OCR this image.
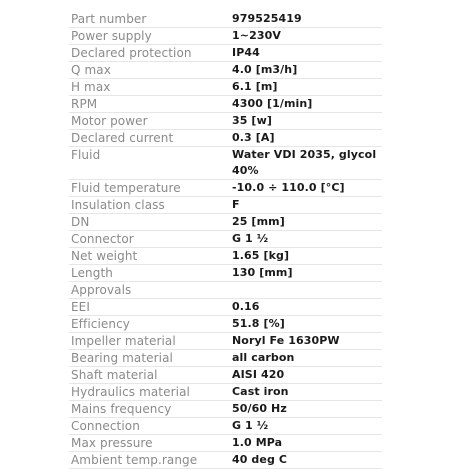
Part number	979525419
Power supply	1~230V
Declared protection	IP44
Q max	4.0 [m3/h]
H max	6.1 [m]
RPM	4300 [1/min]
Motor power	35 [w]
Declared current	0.3 [A]
Fluid	Water VDI 2035, glycol 40%

Fluid temperature	-10.0 ÷ 110.0 [°C]
Insulation class	F
DN	25 [mm]
Connector	G 1 ½
Net weight	1.65 [kg]
Length	130 [mm]
Approvals	
EEI	0.16
Efficiency	51.8 [%]
Impeller material	Noryl Fe 1630PW
Bearing material	all carbon
Shaft material	AISI 420
Hydraulics material	Cast iron
Mains frequency	50/60 Hz
Connection	G 1 ½
Max pressure	1.0 MPa
Ambient temp.range	40 deg C
